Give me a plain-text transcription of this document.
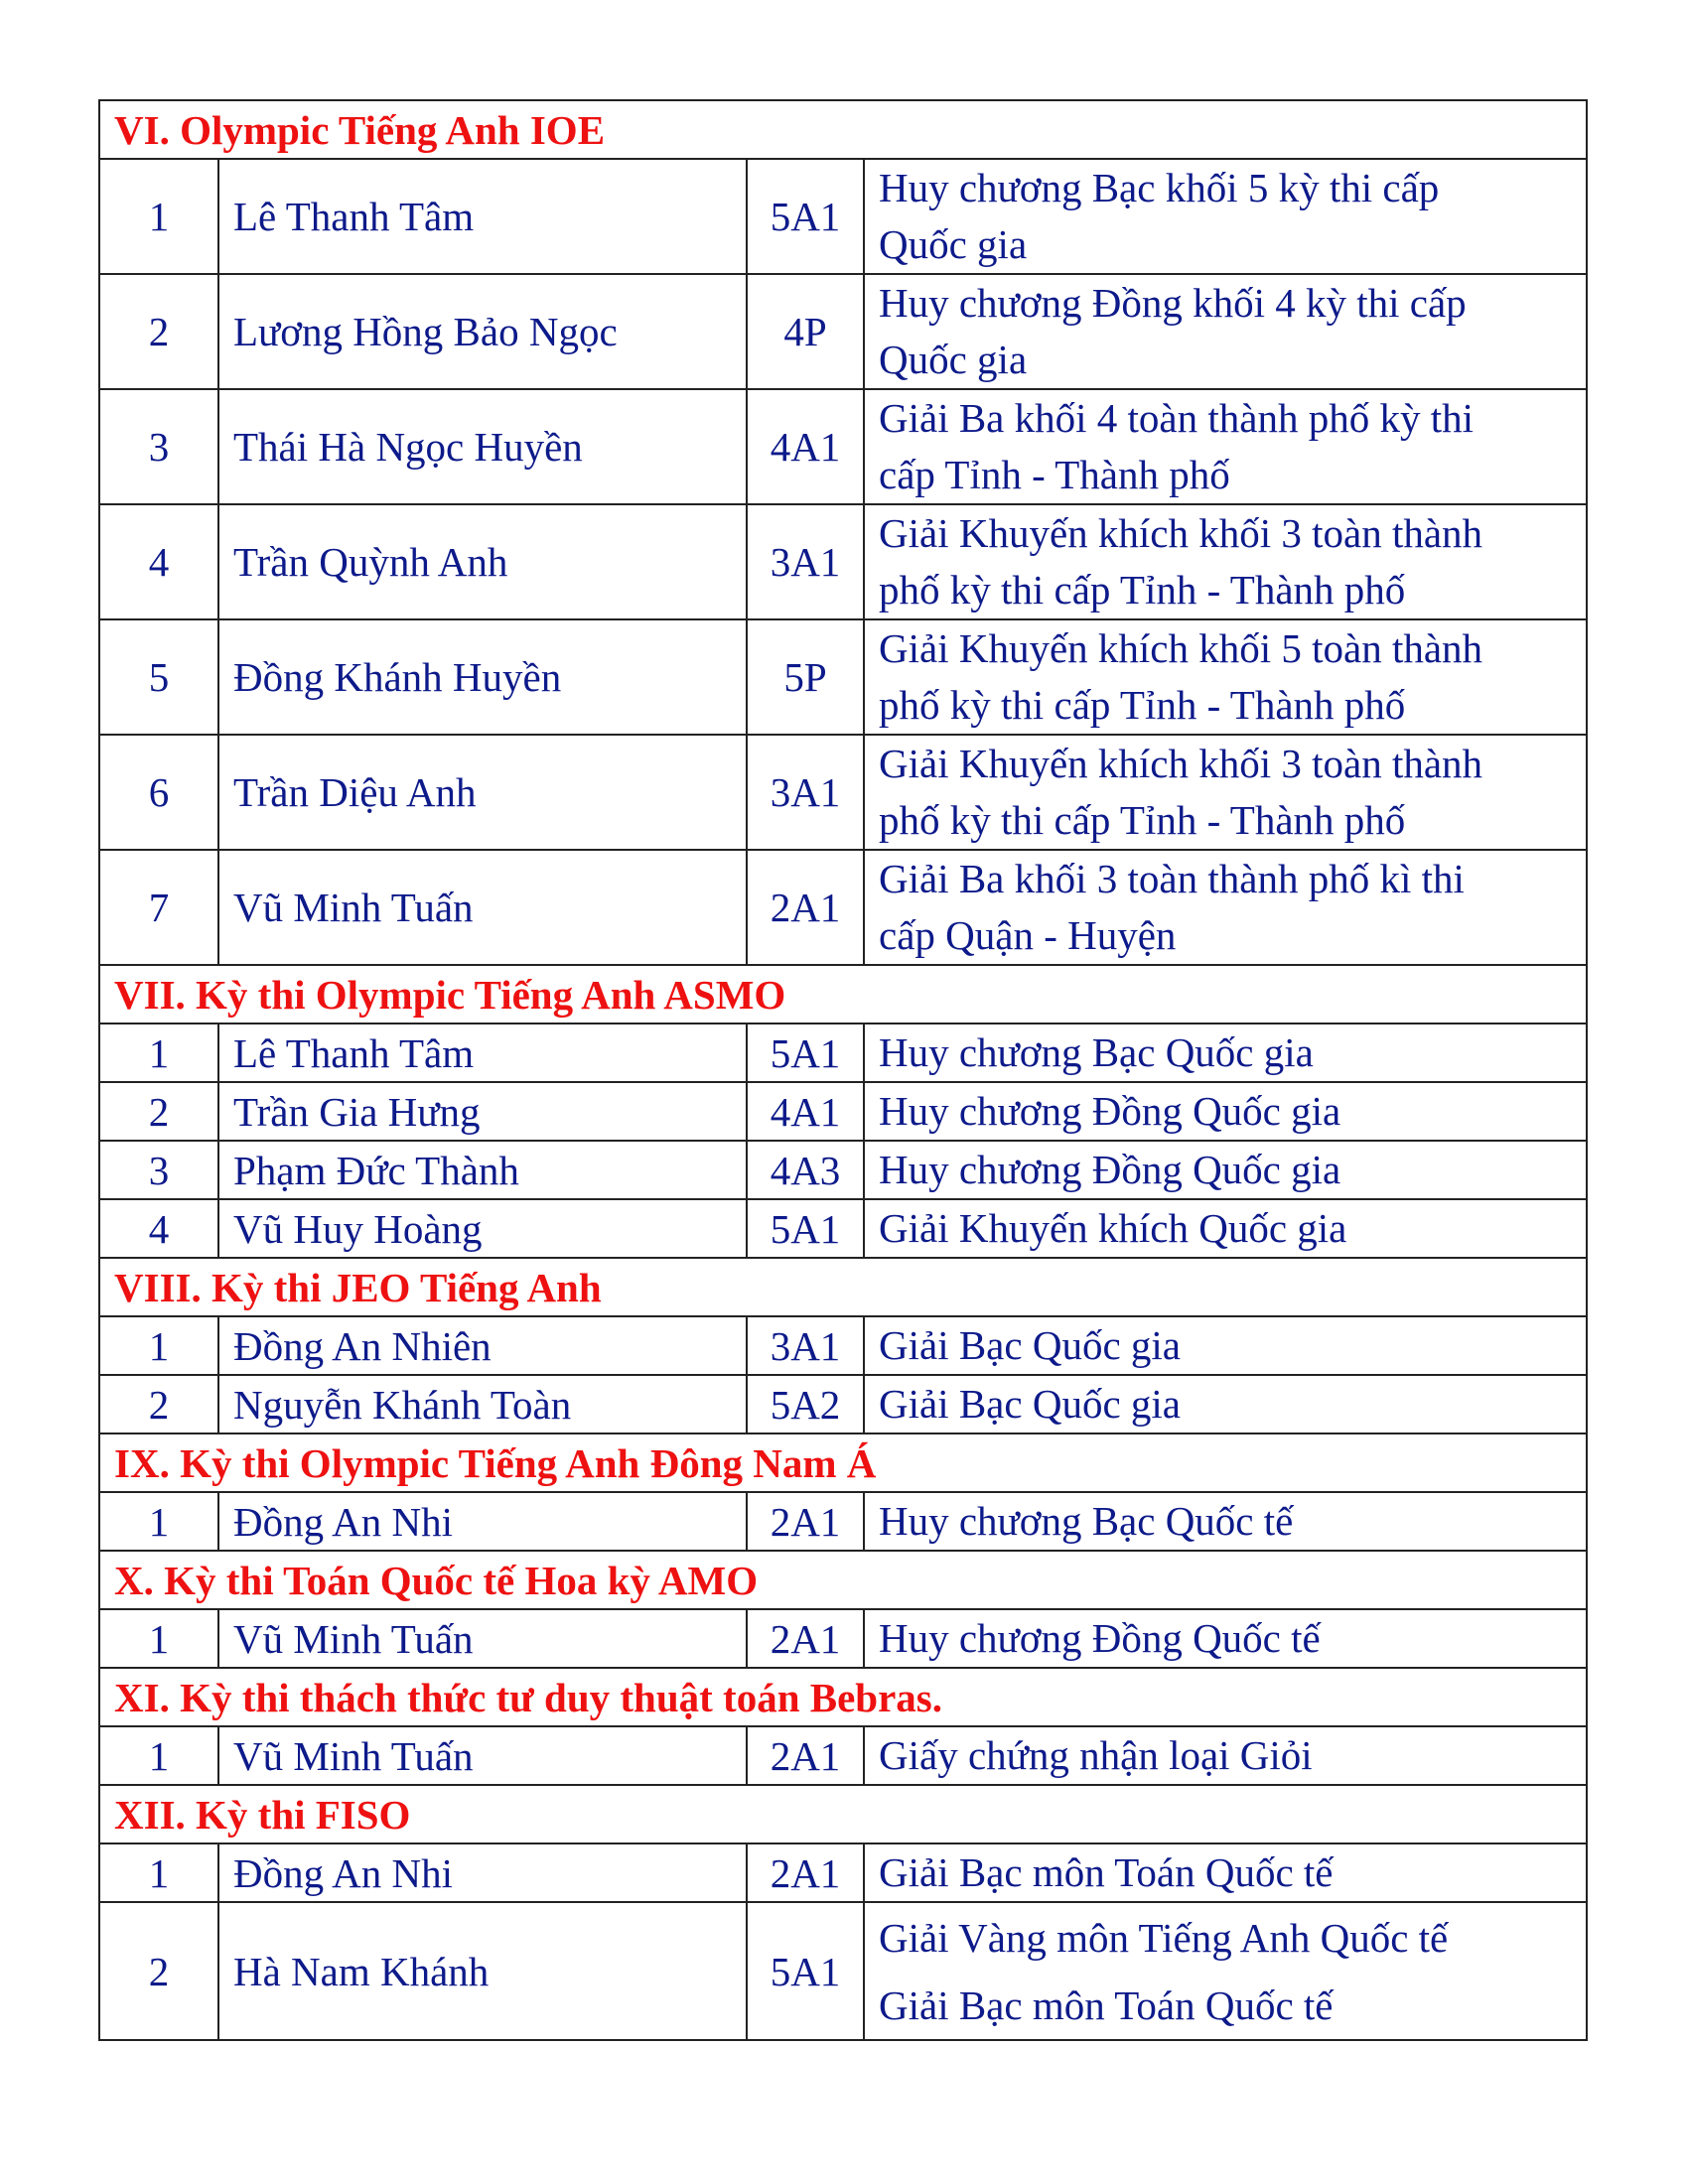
VI. Olympic Tiếng Anh IOE			
1	Lê Thanh Tâm	5A1	Huy chương Bạc khối 5 kỳ thi cấp
Quốc gia

2	Lương Hồng Bảo Ngọc	4P	Huy chương Đồng khối 4 kỳ thi cấp
Quốc gia

3	Thái Hà Ngọc Huyền	4A1	Giải Ba khối 4 toàn thành phố kỳ thi
cấp Tỉnh - Thành phố

4	Trần Quỳnh Anh	3A1	Giải Khuyến khích khối 3 toàn thành
phố kỳ thi cấp Tỉnh - Thành phố

5	Đồng Khánh Huyền	5P	Giải Khuyến khích khối 5 toàn thành
phố kỳ thi cấp Tỉnh - Thành phố

6	Trần Diệu Anh	3A1	Giải Khuyến khích khối 3 toàn thành
phố kỳ thi cấp Tỉnh - Thành phố

7	Vũ Minh Tuấn	2A1	Giải Ba khối 3 toàn thành phố kì thi
cấp Quận - Huyện

VII. Kỳ thi Olympic Tiếng Anh ASMO			
1	Lê Thanh Tâm	5A1	Huy chương Bạc Quốc gia

2	Trần Gia Hưng	4A1	Huy chương Đồng Quốc gia

3	Phạm Đức Thành	4A3	Huy chương Đồng Quốc gia

4	Vũ Huy Hoàng	5A1	Giải Khuyến khích Quốc gia

VIII. Kỳ thi JEO Tiếng Anh			
1	Đồng An Nhiên	3A1	Giải Bạc Quốc gia

2	Nguyễn Khánh Toàn	5A2	Giải Bạc Quốc gia

IX. Kỳ thi Olympic Tiếng Anh Đông Nam Á			
1	Đồng An Nhi	2A1	Huy chương Bạc Quốc tế

X. Kỳ thi Toán Quốc tế Hoa kỳ AMO			
1	Vũ Minh Tuấn	2A1	Huy chương Đồng Quốc tế

XI. Kỳ thi thách thức tư duy thuật toán Bebras.			
1	Vũ Minh Tuấn	2A1	Giấy chứng nhận loại Giỏi

XII. Kỳ thi FISO			
1	Đồng An Nhi	2A1	Giải Bạc môn Toán Quốc tế

2	Hà Nam Khánh	5A1	Giải Vàng môn Tiếng Anh Quốc tế
Giải Bạc môn Toán Quốc tế
